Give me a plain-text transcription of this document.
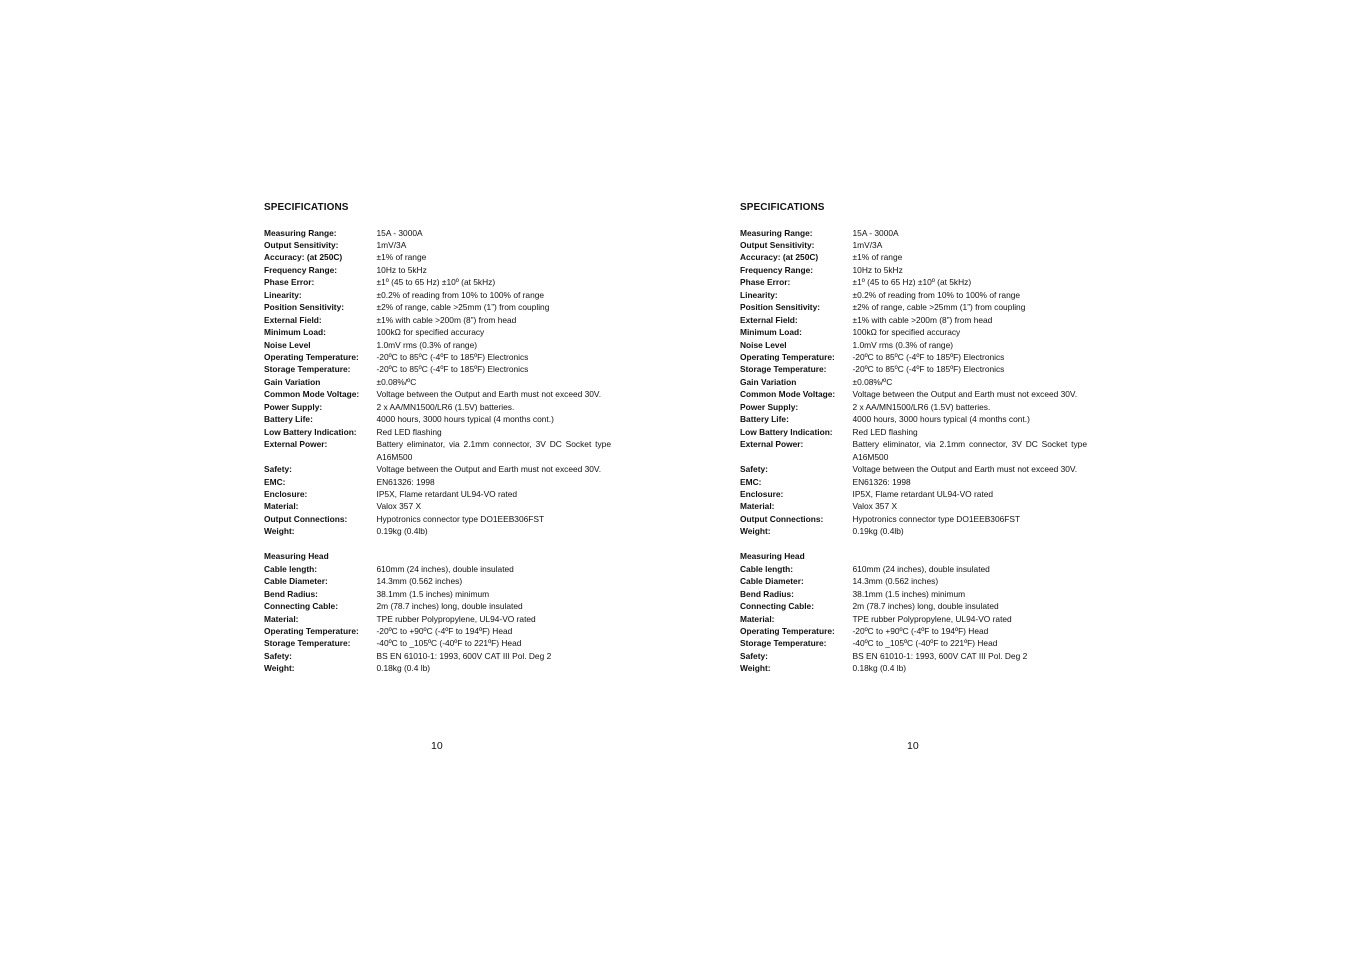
SPECIFICATIONS
Measuring Range:	15A - 3000A
Output Sensitivity:	1mV/3A
Accuracy: (at 250C)	±1% of range
Frequency Range:	10Hz to 5kHz
Phase Error:	±1º (45 to 65 Hz) ±10º (at 5kHz)
Linearity:	±0.2% of reading from 10% to 100% of range
Position Sensitivity:	±2% of range, cable >25mm (1”) from coupling
External Field:	±1% with cable >200m (8”) from head
Minimum Load:	100kΩ for specified accuracy
Noise Level	1.0mV rms (0.3% of range)
Operating Temperature:	-20ºC to 85ºC (-4ºF to 185ºF) Electronics
Storage Temperature:	-20ºC to 85ºC (-4ºF to 185ºF) Electronics
Gain Variation	±0.08%/ºC
Common Mode Voltage:	Voltage between the Output and Earth must not exceed 30V.
Power Supply:	2 x AA/MN1500/LR6 (1.5V) batteries.
Battery Life:	4000 hours, 3000 hours typical (4 months cont.)
Low Battery Indication:	Red LED flashing
External Power:	Battery eliminator, via 2.1mm connector, 3V DC Socket type A16M500
Safety:	Voltage between the Output and Earth must not exceed 30V.
EMC:	EN61326: 1998
Enclosure:	IP5X, Flame retardant UL94-VO rated
Material:	Valox 357 X
Output Connections:	Hypotronics connector type DO1EEB306FST
Weight:	0.19kg (0.4lb)
Measuring Head
Cable length:	610mm (24 inches), double insulated
Cable Diameter:	14.3mm (0.562 inches)
Bend Radius:	38.1mm (1.5 inches) minimum
Connecting Cable:	2m (78.7 inches) long, double insulated
Material:	TPE rubber Polypropylene, UL94-VO rated
Operating Temperature:	-20ºC to +90ºC (-4ºF to 194ºF) Head
Storage Temperature:	-40ºC to _105ºC (-40ºF to 221ºF) Head
Safety:	BS EN 61010-1: 1993, 600V CAT III Pol. Deg 2
Weight:	0.18kg (0.4 lb)
10
SPECIFICATIONS
Measuring Range:	15A - 3000A
Output Sensitivity:	1mV/3A
Accuracy: (at 250C)	±1% of range
Frequency Range:	10Hz to 5kHz
Phase Error:	±1º (45 to 65 Hz) ±10º (at 5kHz)
Linearity:	±0.2% of reading from 10% to 100% of range
Position Sensitivity:	±2% of range, cable >25mm (1”) from coupling
External Field:	±1% with cable >200m (8”) from head
Minimum Load:	100kΩ for specified accuracy
Noise Level	1.0mV rms (0.3% of range)
Operating Temperature:	-20ºC to 85ºC (-4ºF to 185ºF) Electronics
Storage Temperature:	-20ºC to 85ºC (-4ºF to 185ºF) Electronics
Gain Variation	±0.08%/ºC
Common Mode Voltage:	Voltage between the Output and Earth must not exceed 30V.
Power Supply:	2 x AA/MN1500/LR6 (1.5V) batteries.
Battery Life:	4000 hours, 3000 hours typical (4 months cont.)
Low Battery Indication:	Red LED flashing
External Power:	Battery eliminator, via 2.1mm connector, 3V DC Socket type A16M500
Safety:	Voltage between the Output and Earth must not exceed 30V.
EMC:	EN61326: 1998
Enclosure:	IP5X, Flame retardant UL94-VO rated
Material:	Valox 357 X
Output Connections:	Hypotronics connector type DO1EEB306FST
Weight:	0.19kg (0.4lb)
Measuring Head
Cable length:	610mm (24 inches), double insulated
Cable Diameter:	14.3mm (0.562 inches)
Bend Radius:	38.1mm (1.5 inches) minimum
Connecting Cable:	2m (78.7 inches) long, double insulated
Material:	TPE rubber Polypropylene, UL94-VO rated
Operating Temperature:	-20ºC to +90ºC (-4ºF to 194ºF) Head
Storage Temperature:	-40ºC to _105ºC (-40ºF to 221ºF) Head
Safety:	BS EN 61010-1: 1993, 600V CAT III Pol. Deg 2
Weight:	0.18kg (0.4 lb)
10
